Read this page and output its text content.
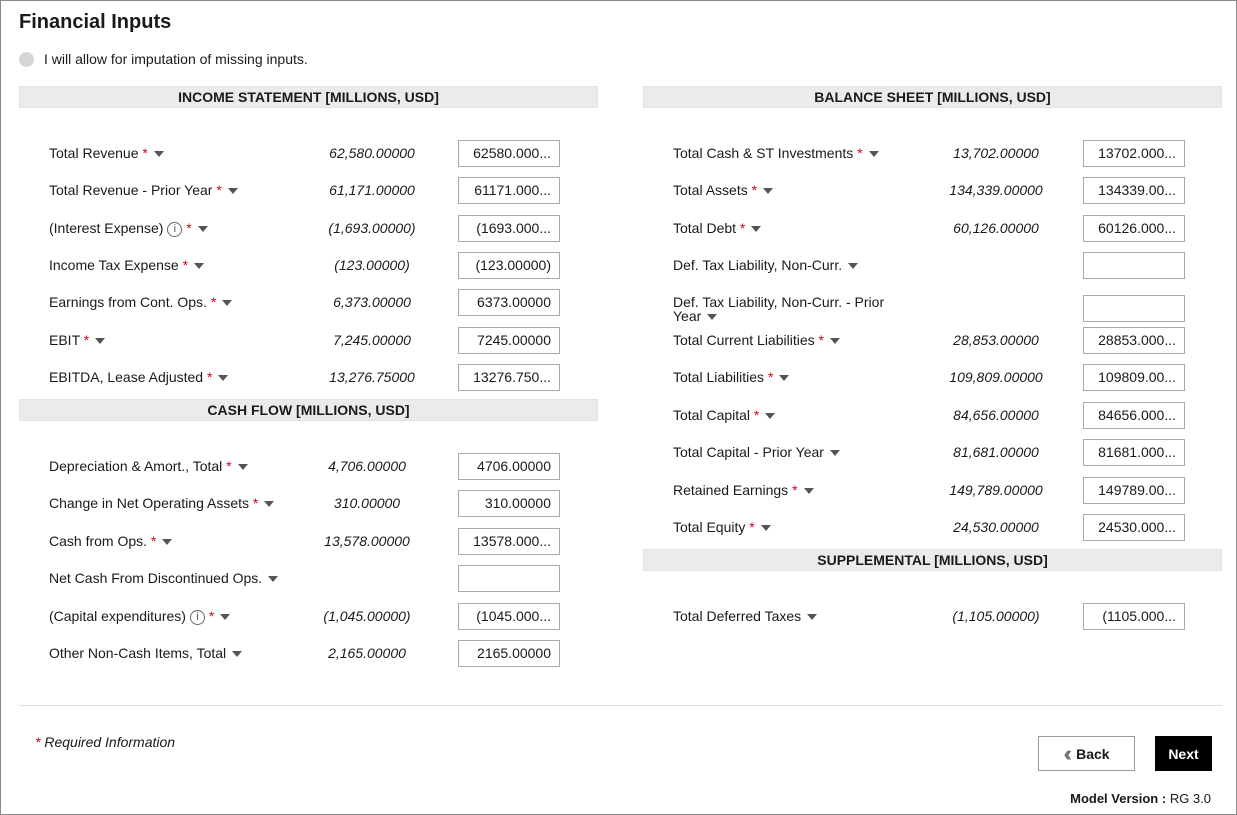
Financial Inputs
I will allow for imputation of missing inputs.
INCOME STATEMENT [MILLIONS, USD]
CASH FLOW [MILLIONS, USD]
BALANCE SHEET [MILLIONS, USD]
SUPPLEMENTAL [MILLIONS, USD]
Total Revenue *	62,580.00000	62580.000...
Total Revenue - Prior Year *	61,171.00000	61171.000...
(Interest Expense) i *	(1,693.00000)	(1693.000...
Income Tax Expense *	(123.00000)	(123.00000)
Earnings from Cont. Ops. *	6,373.00000	6373.00000
EBIT *	7,245.00000	7245.00000
EBITDA, Lease Adjusted *	13,276.75000	13276.750...
Depreciation & Amort., Total *	4,706.00000	4706.00000
Change in Net Operating Assets *	310.00000	310.00000
Cash from Ops. *	13,578.00000	13578.000...
Net Cash From Discontinued Ops.
(Capital expenditures) i *	(1,045.00000)	(1045.000...
Other Non-Cash Items, Total	2,165.00000	2165.00000
Total Cash & ST Investments *	13,702.00000	13702.000...
Total Assets *	134,339.00000	134339.00...
Total Debt *	60,126.00000	60126.000...
Def. Tax Liability, Non-Curr.
Def. Tax Liability, Non-Curr. - Prior Year
Total Current Liabilities *	28,853.00000	28853.000...
Total Liabilities *	109,809.00000	109809.00...
Total Capital *	84,656.00000	84656.000...
Total Capital - Prior Year	81,681.00000	81681.000...
Retained Earnings *	149,789.00000	149789.00...
Total Equity *	24,530.00000	24530.000...
Total Deferred Taxes	(1,105.00000)	(1105.000...
* Required Information	‹‹ Back	Next
Model Version : RG 3.0
